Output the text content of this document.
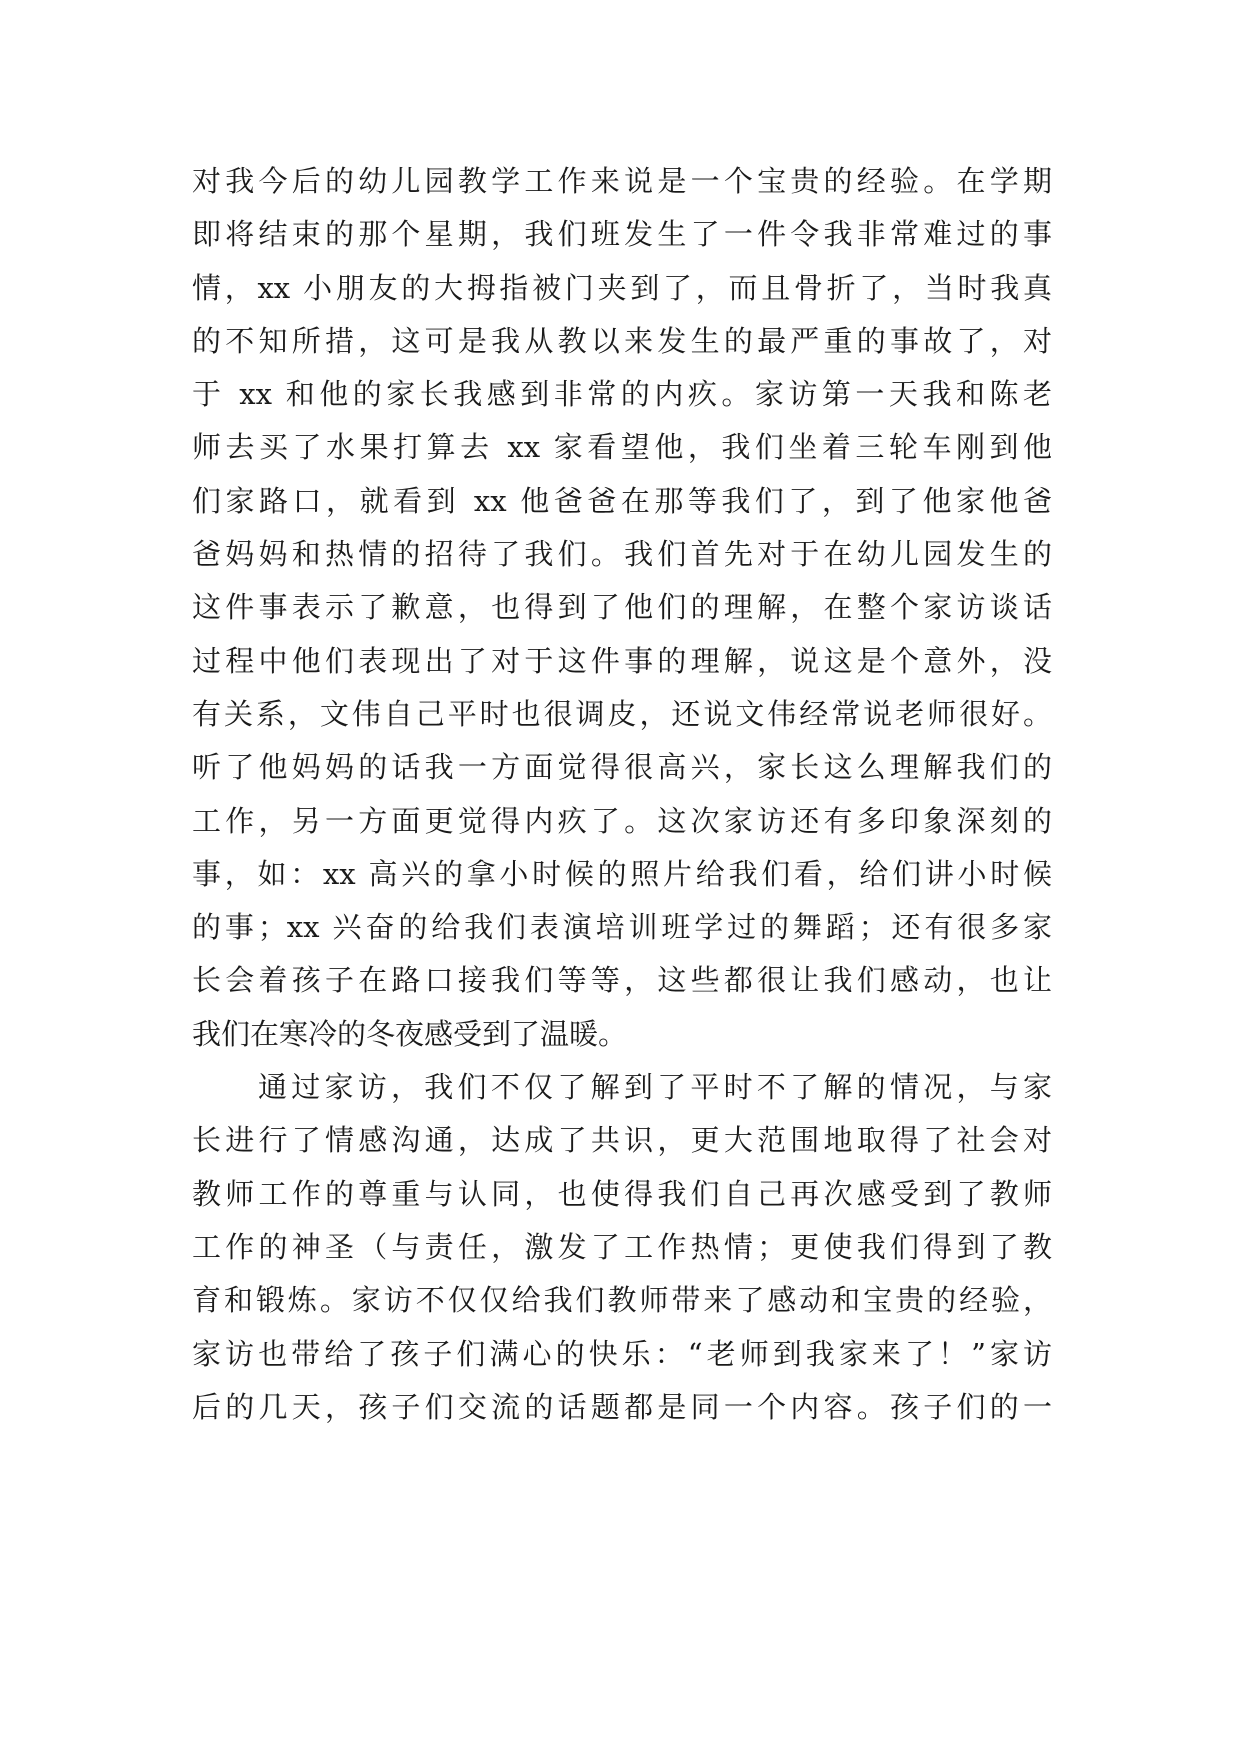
对我今后的幼儿园教学工作来说是一个宝贵的经验。在学期
即将结束的那个星期，我们班发生了一件令我非常难过的事
情，xx 小朋友的大拇指被门夹到了，而且骨折了，当时我真
的不知所措，这可是我从教以来发生的最严重的事故了，对
于 xx 和他的家长我感到非常的内疚。家访第一天我和陈老
师去买了水果打算去 xx 家看望他，我们坐着三轮车刚到他
们家路口，就看到 xx 他爸爸在那等我们了，到了他家他爸
爸妈妈和热情的招待了我们。我们首先对于在幼儿园发生的
这件事表示了歉意，也得到了他们的理解，在整个家访谈话
过程中他们表现出了对于这件事的理解，说这是个意外，没
有关系，文伟自己平时也很调皮，还说文伟经常说老师很好。
听了他妈妈的话我一方面觉得很高兴，家长这么理解我们的
工作，另一方面更觉得内疚了。这次家访还有多印象深刻的
事，如：xx 高兴的拿小时候的照片给我们看，给们讲小时候
的事；xx 兴奋的给我们表演培训班学过的舞蹈；还有很多家
长会着孩子在路口接我们等等，这些都很让我们感动，也让
我们在寒冷的冬夜感受到了温暖。
通过家访，我们不仅了解到了平时不了解的情况，与家
长进行了情感沟通，达成了共识，更大范围地取得了社会对
教师工作的尊重与认同，也使得我们自己再次感受到了教师
工作的神圣（与责任，激发了工作热情；更使我们得到了教
育和锻炼。家访不仅仅给我们教师带来了感动和宝贵的经验，
家访也带给了孩子们满心的快乐：“老师到我家来了！”家访
后的几天，孩子们交流的话题都是同一个内容。孩子们的一
